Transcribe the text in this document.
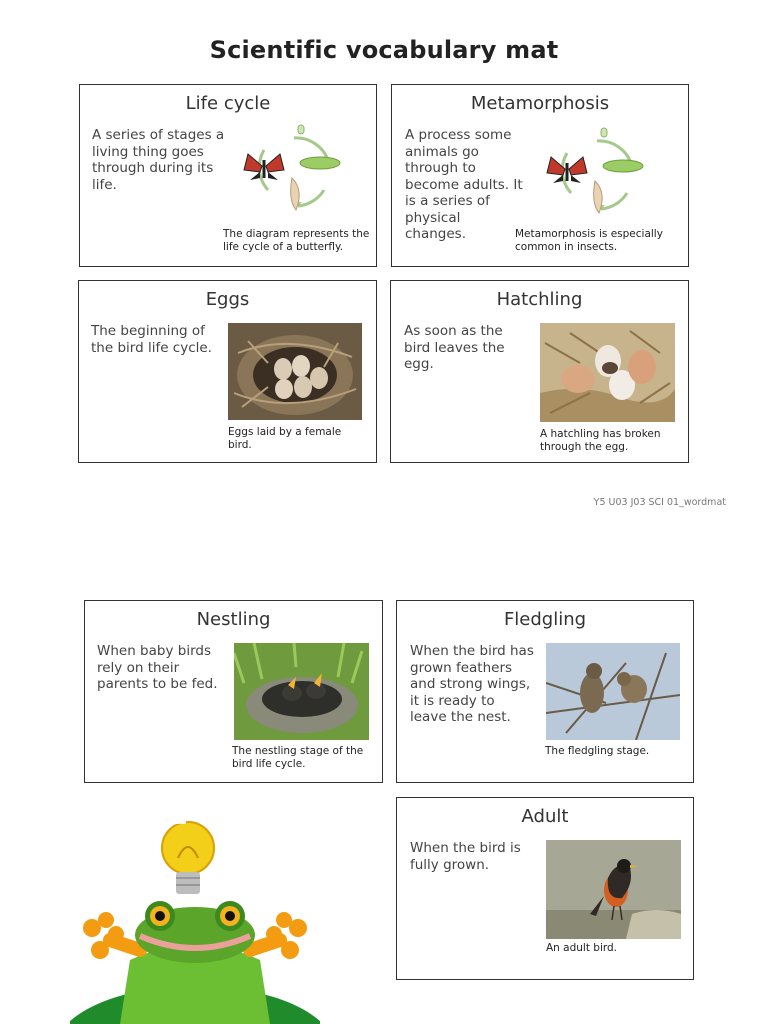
Scientific vocabulary mat
Life cycle
A series of stages a living thing goes through during its life.
The diagram represents the life cycle of a butterfly.
Metamorphosis
A process some animals go through to become adults. It is a series of physical changes.	Metamorphosis is especially common in insects.
Eggs
The beginning of the bird life cycle.
Eggs laid by a female bird.
Hatchling
As soon as the bird leaves the egg.
A hatchling has broken through the egg.
Y5 U03 J03 SCI 01_wordmat
Nestling
When baby birds rely on their parents to be fed.
The nestling stage of the bird life cycle.
Fledgling
When the bird has grown feathers and strong wings, it is ready to leave the nest.
The fledgling stage.
Adult
When the bird is fully grown.
An adult bird.
